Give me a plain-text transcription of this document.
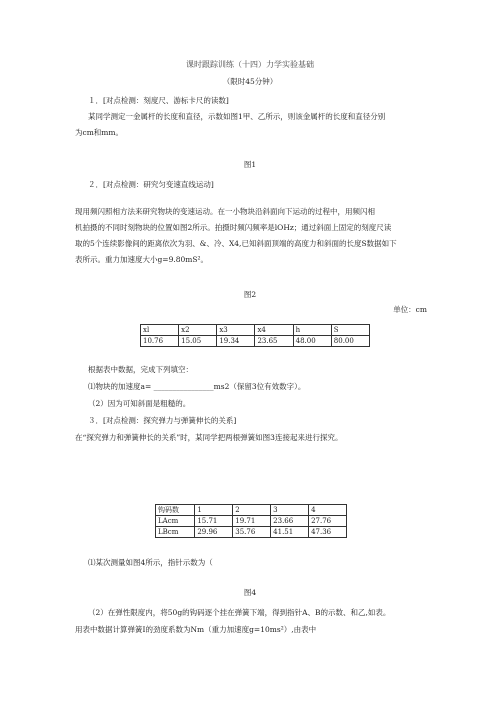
课时跟踪训练（十四）力学实验基础
（限时45分钟）
１．[对点检测：刻度尺、游标卡尺的读数]
某同学测定一金属杆的长度和直径，示数如图1甲、乙所示，则该金属杆的长度和直径分别
为cm和mm。
图1
２．[对点检测：研究匀变速直线运动]
现用频闪照相方法来研究物块的变速运动。在一小物块沿斜面向下运动的过程中，用频闪相
机拍摄的不同时刻物块的位置如图2所示。拍摄时频闪频率是lOHz；通过斜面上固定的刻度尺读
取的5个连续影像间的距离依次为羽、&、冷、X4,已知斜面顶端的高度力和斜面的长度S数据如下
表所示。重力加速度大小g=9.80mS²。
图2
单位：cm
xl	x2	x3	x4	h	S
10.76	15.05	19.34	23.65	48.00	80.00
根据表中数据，完成下列填空：
⑴物块的加速度a= ________________ms2（保留3位有效数字）。
（2）因为可知斜面是粗糙的。
３．[对点检测：探究弹力与弹簧伸长的关系]
在“探究弹力和弹簧伸长的关系”时，某同学把两根弹簧如图3连接起来进行探究。
钩码数	1	2	3	4
LAcm	15.71	19.71	23.66	27.76
LBcm	29.96	35.76	41.51	47.36
⑴某次测量如图4所示，指针示数为（
图4
（2）在弹性限度内，将50g的钩码逐个挂在弹簧下端，得到指针A、B的示数、和乙,如表。
用表中数据计算弹簧I的劲度系数为Nm（重力加速度g=10ms²）,由表中
